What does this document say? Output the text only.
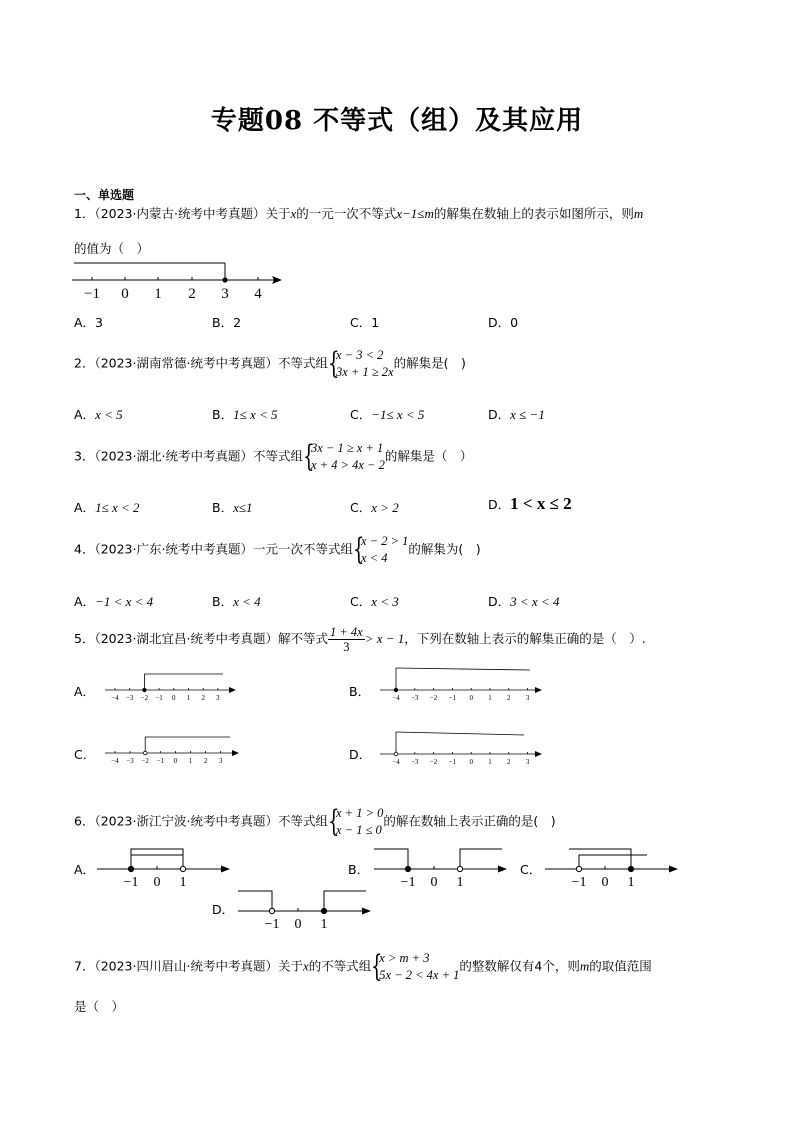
专题08 不等式（组）及其应用
一、单选题
1．（2023·内蒙古·统考中考真题）关于x的一元一次不等式x−1≤m的解集在数轴上的表示如图所示，则m
的值为（　）
−1 0 1 2 3 4
A．3	B．2	C．1	D．0
2．（2023·湖南常德·统考中考真题）不等式组 {
x − 3 < 2
3x + 1 ≥ 2x
的解集是(　)
A．x < 5	B．1≤ x < 5	C．−1≤ x < 5	D．x ≤ −1
3．（2023·湖北·统考中考真题）不等式组 {
3x − 1 ≥ x + 1
x + 4 > 4x − 2
的解集是（　）
A．1≤ x < 2	B．x≤1	C．x > 2	D．1 < x ≤ 2
4．（2023·广东·统考中考真题）一元一次不等式组 {
x − 2 > 1
x < 4
的解集为(　)
A．−1 < x < 4	B．x < 4	C．x < 3	D．3 < x < 4
5．（2023·湖北宜昌·统考中考真题）解不等式 $\frac{1 + 4x}{3} > x - 1$，下列在数轴上表示的解集正确的是（　）.
A． −4 −3 −2 −1 0 1 2 3	B．	−4 −3 −2 −1 0 1 2 3
C． −4 −3 −2 −1 0 1 2 3	D．	−4 −3 −2 −1 0 1 2 3
6．（2023·浙江宁波·统考中考真题）不等式组 {
x + 1 > 0
x − 1 ≤ 0
的解在数轴上表示正确的是(　)
A．
−1 0 1
B．
−1 0 1
C．
−1 0 1
D．
−1 0 1
7．（2023·四川眉山·统考中考真题）关于x的不等式组 {
x > m + 3
5x − 2 < 4x + 1
的整数解仅有4个，则m的取值范围
是（　）
